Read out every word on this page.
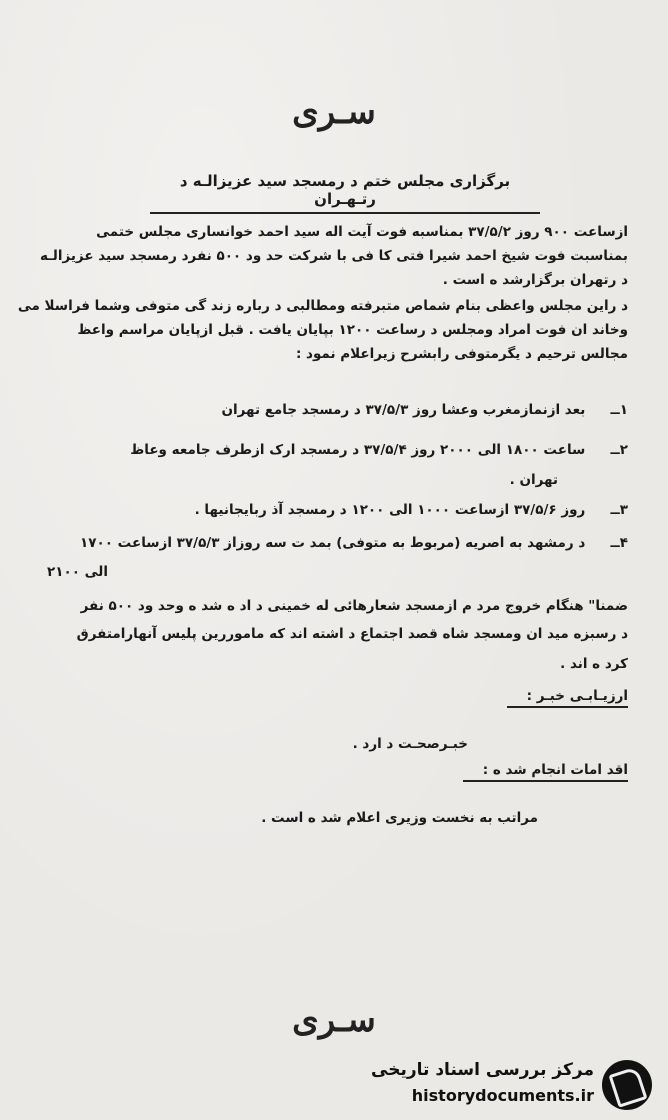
سـری
برگزاری مجلس ختم د رمسجد سید عزیزالـه د رتـهـران
ازساعت ۹۰۰ روز ۳۷/۵/۲ بمناسبه فوت آیت اله سید احمد خوانساری مجلس ختمی
بمناسبت فوت شیخ احمد شیرا فتی کا فی با شرکت حد ود ۵۰۰ نفرد رمسجد سید عزیزالـه
د رتهران برگزارشد ه است .
د راین مجلس واعظی بنام شماص متبرفته ومطالبی د رباره زند گی متوفی وشما فراسلا می
وخاند ان فوت امراد ومجلس د رساعت ۱۲۰۰ بپایان یافت . قبل ازپایان مراسم واعظ
مجالس ترحیم د یگرمتوفی رابشرح زیراعلام نمود :
۱ــ بعد ازنمازمغرب وعشا روز ۳۷/۵/۳ د رمسجد جامع تهران
۲ــ ساعت ۱۸۰۰ الی ۲۰۰۰ روز ۳۷/۵/۴ د رمسجد ارک ازطرف جامعه وعاظ
تهران .
۳ــ روز ۳۷/۵/۶ ازساعت ۱۰۰۰ الی ۱۲۰۰ د رمسجد آذ ربایجانیها .
۴ــ د رمشهد به اصریه (مربوط به متوفی) بمد ت سه روزاز ۳۷/۵/۳ ازساعت ۱۷۰۰
الی ۲۱۰۰
ضمنا" هنگام خروج مرد م ازمسجد شعارهائی له خمینی د اد ه شد ه وحد ود ۵۰۰ نفر
د رسبزه مید ان ومسجد شاه قصد اجتماع د اشته اند که ماموررین پلیس آنهارامتفرق
کرد ه اند .
ارزیـابـی خبـر :
خبـرصحـت د ارد .
اقد امات انجام شد ه :
مراتب به نخست وزیری اعلام شد ه است .
سـری
مرکز بررسی اسناد تاریخی
historydocuments.ir
